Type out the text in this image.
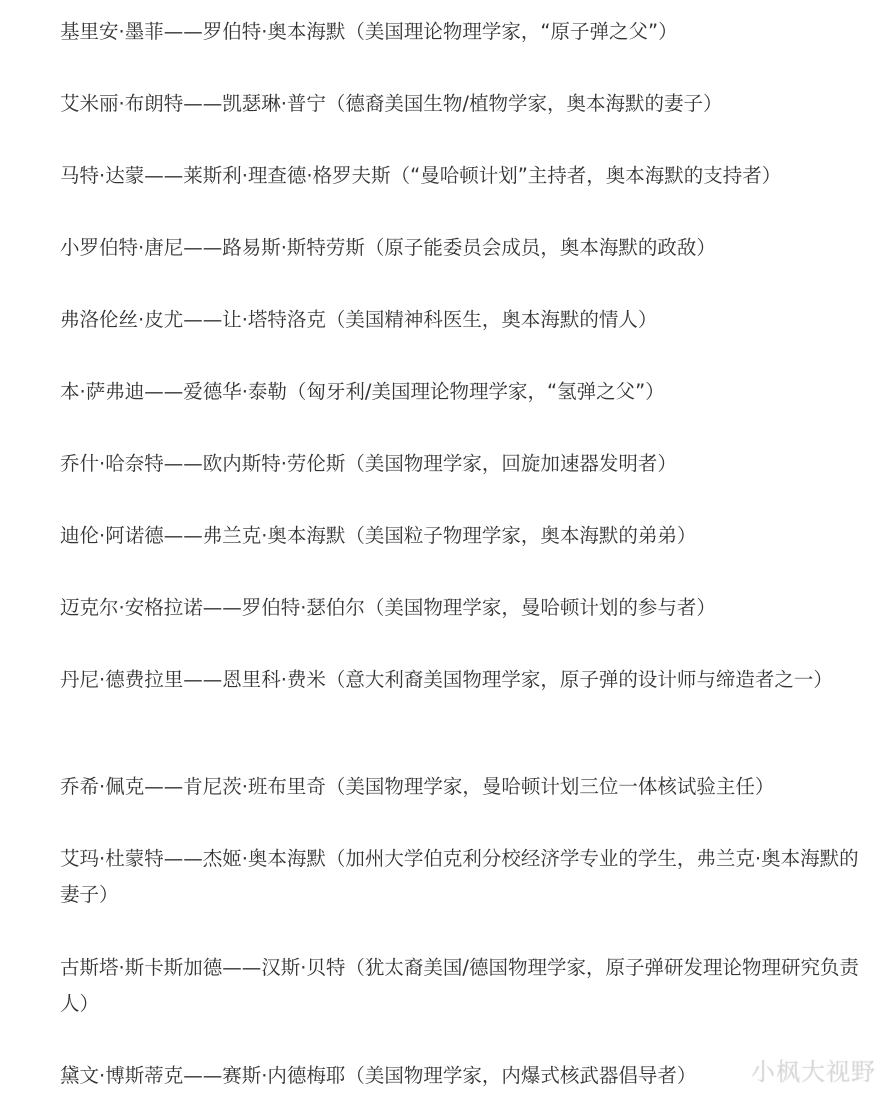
基里安·墨菲——罗伯特·奥本海默（美国理论物理学家，“原子弹之父”）

艾米丽·布朗特——凯瑟琳·普宁（德裔美国生物/植物学家，奥本海默的妻子）

马特·达蒙——莱斯利·理查德·格罗夫斯（“曼哈顿计划”主持者，奥本海默的支持者）

小罗伯特·唐尼——路易斯·斯特劳斯（原子能委员会成员，奥本海默的政敌）

弗洛伦丝·皮尤——让·塔特洛克（美国精神科医生，奥本海默的情人）

本·萨弗迪——爱德华·泰勒（匈牙利/美国理论物理学家，“氢弹之父”）

乔什·哈奈特——欧内斯特·劳伦斯（美国物理学家，回旋加速器发明者）

迪伦·阿诺德——弗兰克·奥本海默（美国粒子物理学家，奥本海默的弟弟）

迈克尔·安格拉诺——罗伯特·瑟伯尔（美国物理学家，曼哈顿计划的参与者）

丹尼·德费拉里——恩里科·费米（意大利裔美国物理学家，原子弹的设计师与缔造者之一）

乔希·佩克——肯尼茨·班布里奇（美国物理学家，曼哈顿计划三位一体核试验主任）

艾玛·杜蒙特——杰姬·奥本海默（加州大学伯克利分校经济学专业的学生，弗兰克·奥本海默的妻子）

古斯塔·斯卡斯加德——汉斯·贝特（犹太裔美国/德国物理学家，原子弹研发理论物理研究负责人）

黛文·博斯蒂克——赛斯·内德梅耶（美国物理学家，内爆式核武器倡导者）	小枫大视野
